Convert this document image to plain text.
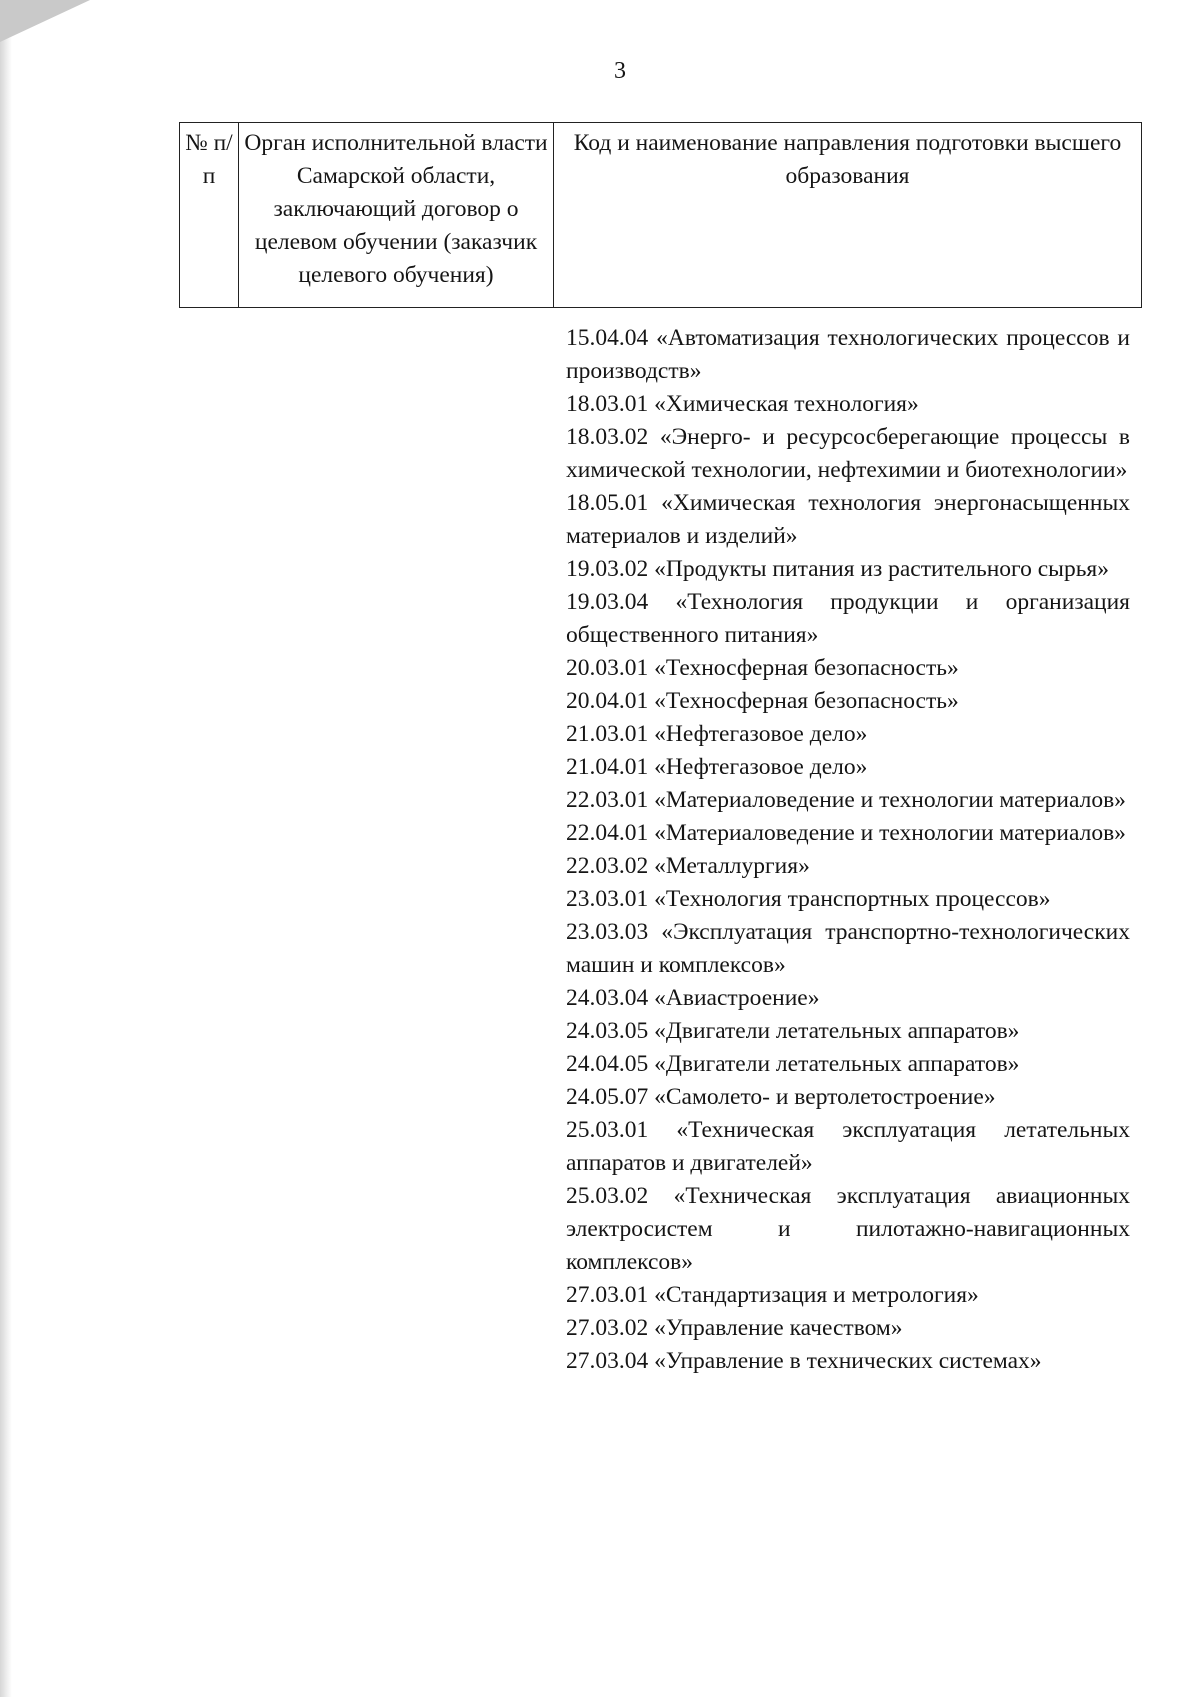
3
№ п/п	Орган исполнительной власти Самарской области, заключающий договор о целевом обучении (заказчик целевого обучения)	Код и наименование направления подготовки высшего образования
15.04.04 «Автоматизация технологических процессов и производств»
18.03.01 «Химическая технология»
18.03.02 «Энерго- и ресурсосберегающие процессы в химической технологии, нефтехимии и биотехнологии»
18.05.01 «Химическая технология энергонасыщенных материалов и изделий»
19.03.02 «Продукты питания из растительного сырья»
19.03.04 «Технология продукции и организация общественного питания»
20.03.01 «Техносферная безопасность»
20.04.01 «Техносферная безопасность»
21.03.01 «Нефтегазовое дело»
21.04.01 «Нефтегазовое дело»
22.03.01 «Материаловедение и технологии материалов»
22.04.01 «Материаловедение и технологии материалов»
22.03.02 «Металлургия»
23.03.01 «Технология транспортных процессов»
23.03.03 «Эксплуатация транспортно-технологических машин и комплексов»
24.03.04 «Авиастроение»
24.03.05 «Двигатели летательных аппаратов»
24.04.05 «Двигатели летательных аппаратов»
24.05.07 «Самолето- и вертолетостроение»
25.03.01 «Техническая эксплуатация летательных аппаратов и двигателей»
25.03.02 «Техническая эксплуатация авиационных электросистем и пилотажно-навигационных комплексов»
27.03.01 «Стандартизация и метрология»
27.03.02 «Управление качеством»
27.03.04 «Управление в технических системах»
